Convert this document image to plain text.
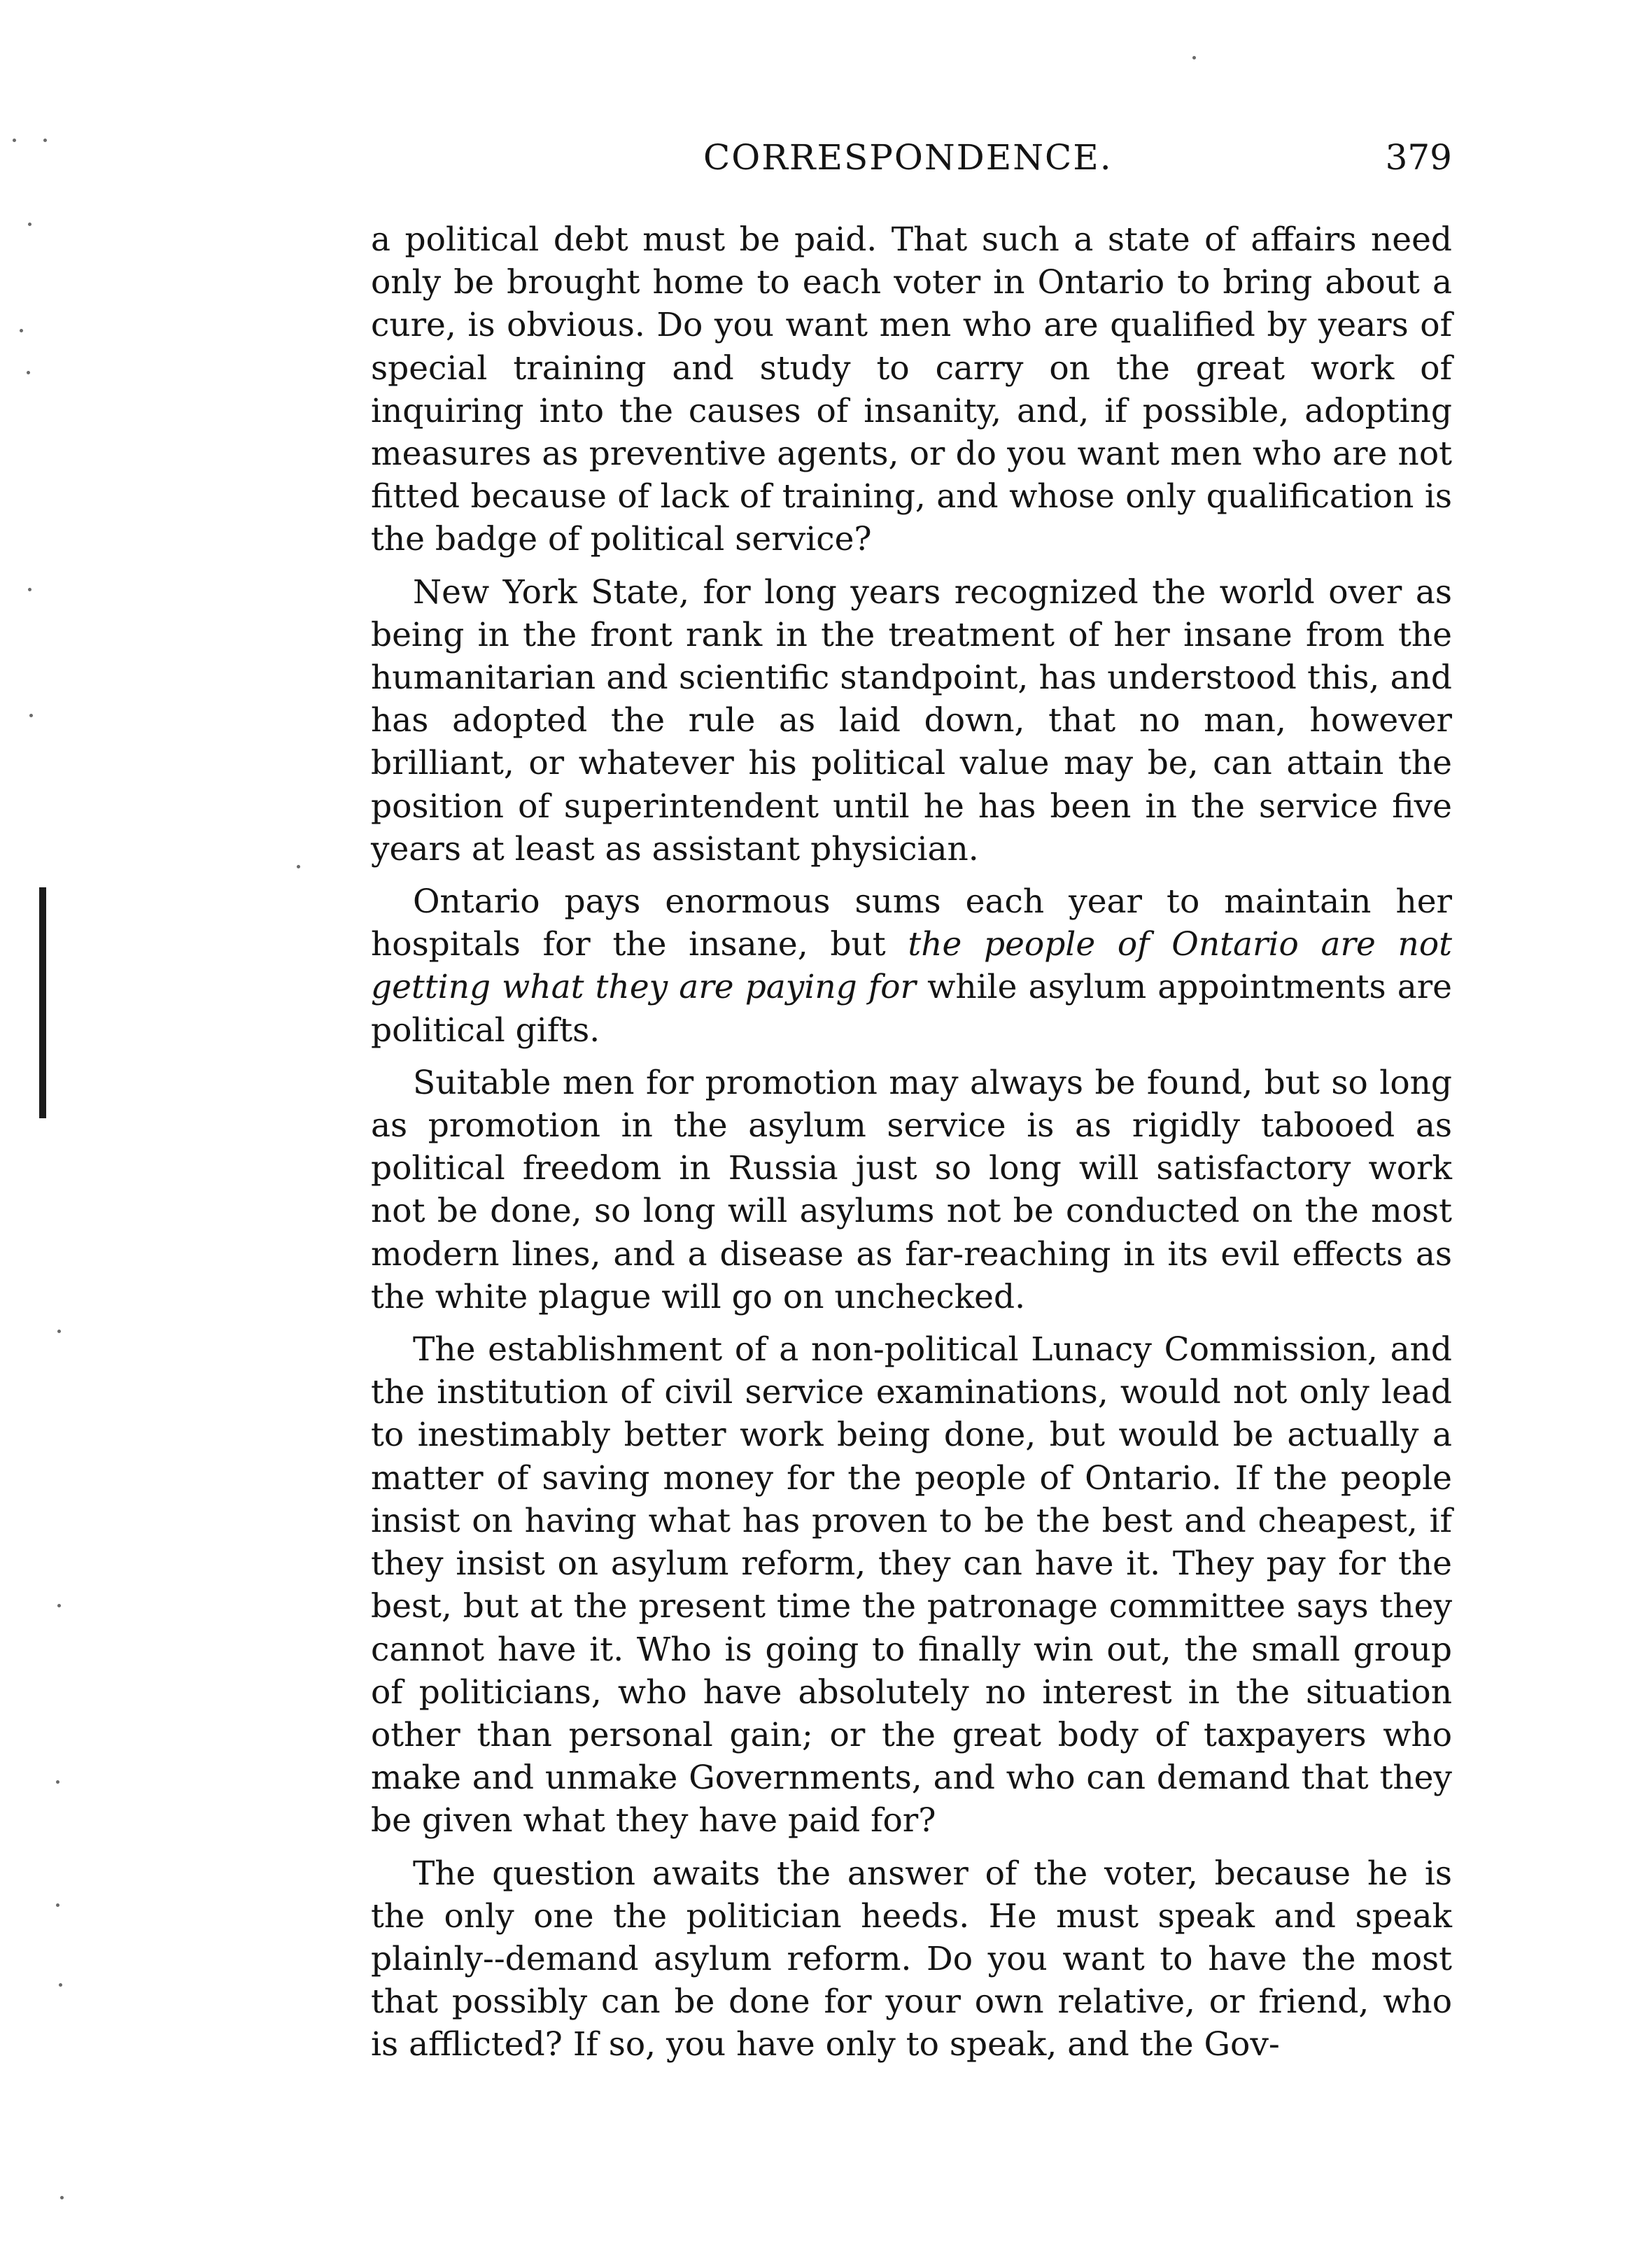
CORRESPONDENCE.	379

a political debt must be paid. That such a state of affairs need only be brought home to each voter in Ontario to bring about a cure, is obvious. Do you want men who are qualified by years of special training and study to carry on the great work of inquiring into the causes of insanity, and, if possible, adopting measures as preventive agents, or do you want men who are not fitted because of lack of training, and whose only qualification is the badge of political service?

New York State, for long years recognized the world over as being in the front rank in the treatment of her insane from the humanitarian and scientific standpoint, has understood this, and has adopted the rule as laid down, that no man, however brilliant, or whatever his political value may be, can attain the position of superintendent until he has been in the service five years at least as assistant physician.

Ontario pays enormous sums each year to maintain her hospitals for the insane, but the people of Ontario are not getting what they are paying for while asylum appointments are political gifts.

Suitable men for promotion may always be found, but so long as promotion in the asylum service is as rigidly tabooed as political freedom in Russia just so long will satisfactory work not be done, so long will asylums not be conducted on the most modern lines, and a disease as far-reaching in its evil effects as the white plague will go on unchecked.

The establishment of a non-political Lunacy Commission, and the institution of civil service examinations, would not only lead to inestimably better work being done, but would be actually a matter of saving money for the people of Ontario. If the people insist on having what has proven to be the best and cheapest, if they insist on asylum reform, they can have it. They pay for the best, but at the present time the patronage committee says they cannot have it. Who is going to finally win out, the small group of politicians, who have absolutely no interest in the situation other than personal gain; or the great body of taxpayers who make and unmake Governments, and who can demand that they be given what they have paid for?

The question awaits the answer of the voter, because he is the only one the politician heeds. He must speak and speak plainly--demand asylum reform. Do you want to have the most that possibly can be done for your own relative, or friend, who is afflicted? If so, you have only to speak, and the Gov-
